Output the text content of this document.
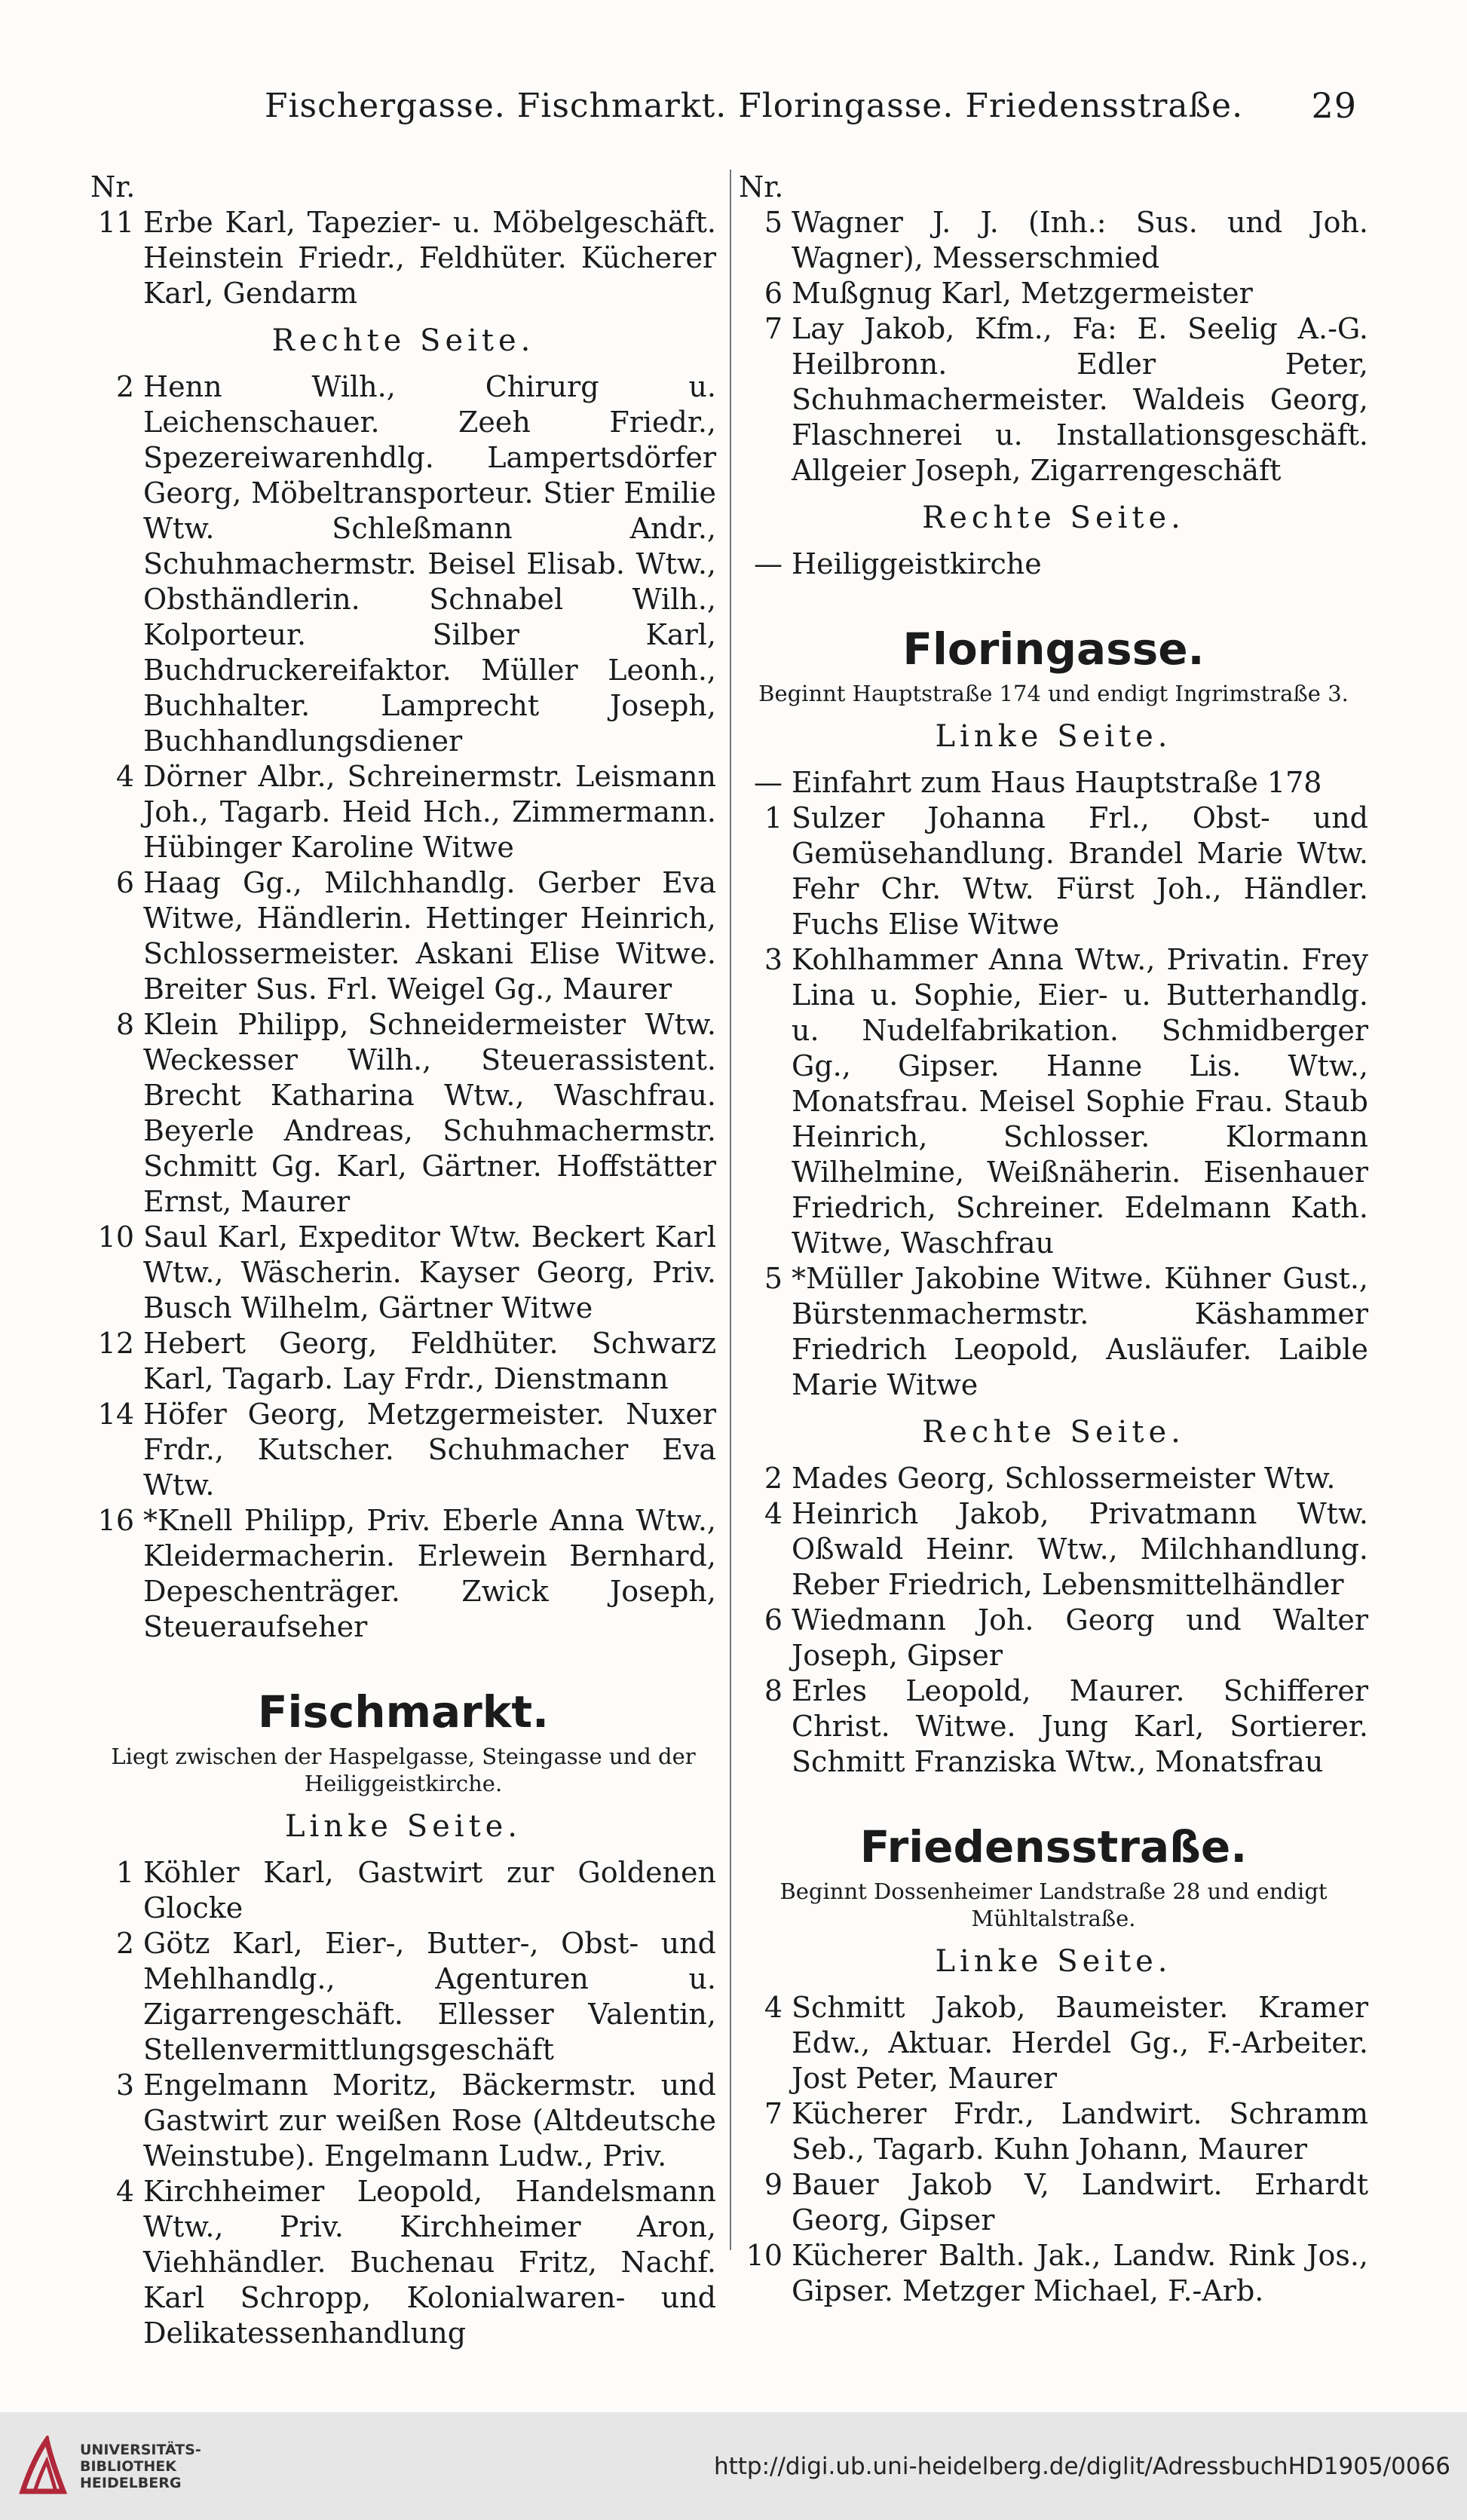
Fischergasse. Fischmarkt. Floringasse. Friedensstraße. 29
Nr.
11 Erbe Karl, Tapezier- u. Möbelgeschäft. Heinstein Friedr., Feldhüter. Kücherer Karl, Gendarm
Rechte Seite.
2 Henn Wilh., Chirurg u. Leichenschauer. Zeeh Friedr., Spezereiwarenhdlg. Lampertsdörfer Georg, Möbeltransporteur. Stier Emilie Wtw. Schleßmann Andr., Schuhmachermstr. Beisel Elisab. Wtw., Obsthändlerin. Schnabel Wilh., Kolporteur. Silber Karl, Buchdruckereifaktor. Müller Leonh., Buchhalter. Lamprecht Joseph, Buchhandlungsdiener
4 Dörner Albr., Schreinermstr. Leismann Joh., Tagarb. Heid Hch., Zimmermann. Hübinger Karoline Witwe
6 Haag Gg., Milchhandlg. Gerber Eva Witwe, Händlerin. Hettinger Heinrich, Schlossermeister. Askani Elise Witwe. Breiter Sus. Frl. Weigel Gg., Maurer
8 Klein Philipp, Schneidermeister Wtw. Weckesser Wilh., Steuerassistent. Brecht Katharina Wtw., Waschfrau. Beyerle Andreas, Schuhmachermstr. Schmitt Gg. Karl, Gärtner. Hoffstätter Ernst, Maurer
10 Saul Karl, Expeditor Wtw. Beckert Karl Wtw., Wäscherin. Kayser Georg, Priv. Busch Wilhelm, Gärtner Witwe
12 Hebert Georg, Feldhüter. Schwarz Karl, Tagarb. Lay Frdr., Dienstmann
14 Höfer Georg, Metzgermeister. Nuxer Frdr., Kutscher. Schuhmacher Eva Wtw.
16 *Knell Philipp, Priv. Eberle Anna Wtw., Kleidermacherin. Erlewein Bernhard, Depeschenträger. Zwick Joseph, Steueraufseher
Fischmarkt.
Liegt zwischen der Haspelgasse, Steingasse und der Heiliggeistkirche.
Linke Seite.
1 Köhler Karl, Gastwirt zur Goldenen Glocke
2 Götz Karl, Eier-, Butter-, Obst- und Mehlhandlg., Agenturen u. Zigarrengeschäft. Ellesser Valentin, Stellenvermittlungsgeschäft
3 Engelmann Moritz, Bäckermstr. und Gastwirt zur weißen Rose (Altdeutsche Weinstube). Engelmann Ludw., Priv.
4 Kirchheimer Leopold, Handelsmann Wtw., Priv. Kirchheimer Aron, Viehhändler. Buchenau Fritz, Nachf. Karl Schropp, Kolonialwaren- und Delikatessenhandlung
Nr.
5 Wagner J. J. (Inh.: Sus. und Joh. Wagner), Messerschmied
6 Mußgnug Karl, Metzgermeister
7 Lay Jakob, Kfm., Fa: E. Seelig A.-G. Heilbronn. Edler Peter, Schuhmachermeister. Waldeis Georg, Flaschnerei u. Installationsgeschäft. Allgeier Joseph, Zigarrengeschäft
Rechte Seite.
— Heiliggeistkirche
Floringasse.
Beginnt Hauptstraße 174 und endigt Ingrimstraße 3.
Linke Seite.
— Einfahrt zum Haus Hauptstraße 178
1 Sulzer Johanna Frl., Obst- und Gemüsehandlung. Brandel Marie Wtw. Fehr Chr. Wtw. Fürst Joh., Händler. Fuchs Elise Witwe
3 Kohlhammer Anna Wtw., Privatin. Frey Lina u. Sophie, Eier- u. Butterhandlg. u. Nudelfabrikation. Schmidberger Gg., Gipser. Hanne Lis. Wtw., Monatsfrau. Meisel Sophie Frau. Staub Heinrich, Schlosser. Klormann Wilhelmine, Weißnäherin. Eisenhauer Friedrich, Schreiner. Edelmann Kath. Witwe, Waschfrau
5 *Müller Jakobine Witwe. Kühner Gust., Bürstenmachermstr. Käshammer Friedrich Leopold, Ausläufer. Laible Marie Witwe
Rechte Seite.
2 Mades Georg, Schlossermeister Wtw.
4 Heinrich Jakob, Privatmann Wtw. Oßwald Heinr. Wtw., Milchhandlung. Reber Friedrich, Lebensmittelhändler
6 Wiedmann Joh. Georg und Walter Joseph, Gipser
8 Erles Leopold, Maurer. Schifferer Christ. Witwe. Jung Karl, Sortierer. Schmitt Franziska Wtw., Monatsfrau
Friedensstraße.
Beginnt Dossenheimer Landstraße 28 und endigt Mühltalstraße.
Linke Seite.
4 Schmitt Jakob, Baumeister. Kramer Edw., Aktuar. Herdel Gg., F.-Arbeiter. Jost Peter, Maurer
7 Kücherer Frdr., Landwirt. Schramm Seb., Tagarb. Kuhn Johann, Maurer
9 Bauer Jakob V, Landwirt. Erhardt Georg, Gipser
10 Kücherer Balth. Jak., Landw. Rink Jos., Gipser. Metzger Michael, F.-Arb.
UNIVERSITÄTS-
BIBLIOTHEK
HEIDELBERG
http://digi.ub.uni-heidelberg.de/diglit/AdressbuchHD1905/0066
